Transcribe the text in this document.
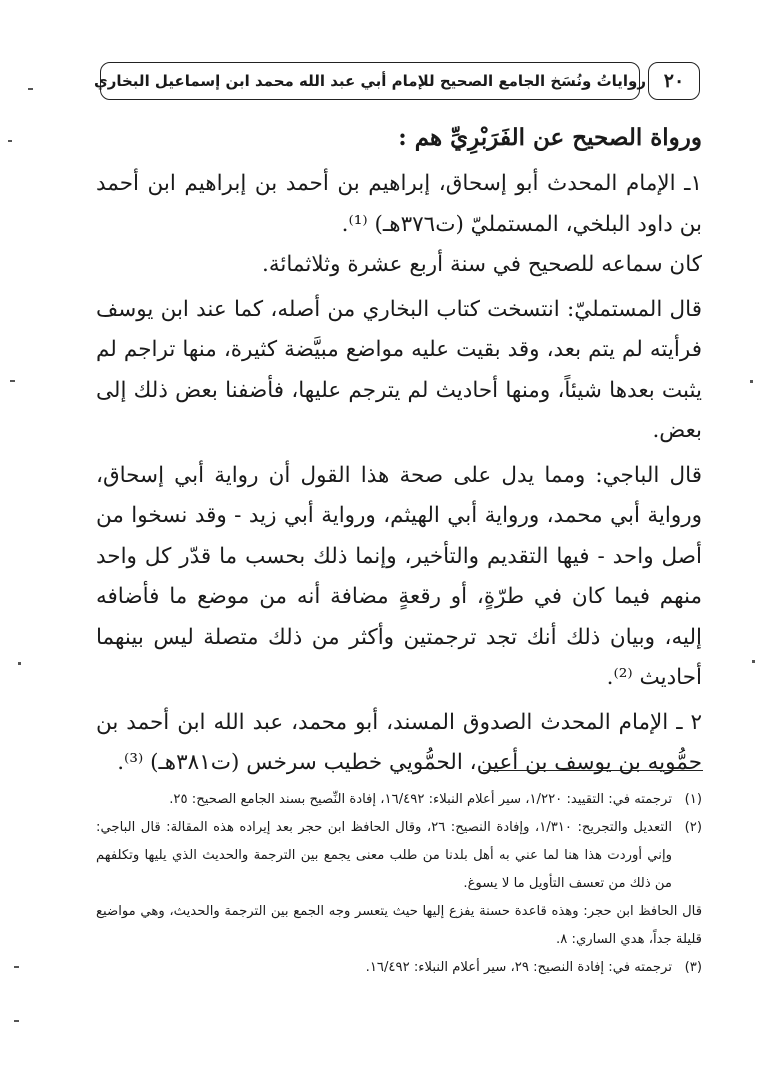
٢٠
رواياتُ ونُسَخ الجامع الصحيح للإمام أبي عبد الله محمد ابن إسماعيل البخاري

ورواة الصحيح عن الفَرَبْرِيِّ هم :

١ـ الإمام المحدث أبو إسحاق، إبراهيم بن أحمد بن إبراهيم ابن أحمد بن داود البلخي، المستمليّ (ت٣٧٦هـ) ⁽¹⁾.

كان سماعه للصحيح في سنة أربع عشرة وثلاثمائة.

قال المستمليّ: انتسخت كتاب البخاري من أصله، كما عند ابن يوسف فرأيته لم يتم بعد، وقد بقيت عليه مواضع مبيَّضة كثيرة، منها تراجم لم يثبت بعدها شيئاً، ومنها أحاديث لم يترجم عليها، فأضفنا بعض ذلك إلى بعض.

قال الباجي: ومما يدل على صحة هذا القول أن رواية أبي إسحاق، ورواية أبي محمد، ورواية أبي الهيثم، ورواية أبي زيد - وقد نسخوا من أصل واحد - فيها التقديم والتأخير، وإنما ذلك بحسب ما قدّر كل واحد منهم فيما كان في طرّةٍ، أو رقعةٍ مضافة أنه من موضع ما فأضافه إليه، وبيان ذلك أنك تجد ترجمتين وأكثر من ذلك متصلة ليس بينهما أحاديث ⁽²⁾.

٢ ـ الإمام المحدث الصدوق المسند، أبو محمد، عبد الله ابن أحمد بن حمُّويه بن يوسف بن أعين، الحمُّويي خطيب سرخس (ت٣٨١هـ) ⁽³⁾.

(١)
ترجمته في: التقييد: ١/٢٢٠، سير أعلام النبلاء: ١٦/٤٩٢، إفادة النِّصيح بسند الجامع الصحيح: ٢٥.
(٢)
التعديل والتجريح: ١/٣١٠، وإفادة النصيح: ٢٦، وقال الحافظ ابن حجر بعد إيراده هذه المقالة: قال الباجي: وإني أوردت هذا هنا لما عني به أهل بلدنا من طلب معنى يجمع بين الترجمة والحديث الذي يليها وتكلفهم من ذلك من تعسف التأويل ما لا يسوغ.

قال الحافظ ابن حجر: وهذه قاعدة حسنة يفزع إليها حيث يتعسر وجه الجمع بين الترجمة والحديث، وهي مواضيع قليلة جداً، هدي الساري: ٨.

(٣)
ترجمته في: إفادة النصيح: ٢٩، سير أعلام النبلاء: ١٦/٤٩٢.
